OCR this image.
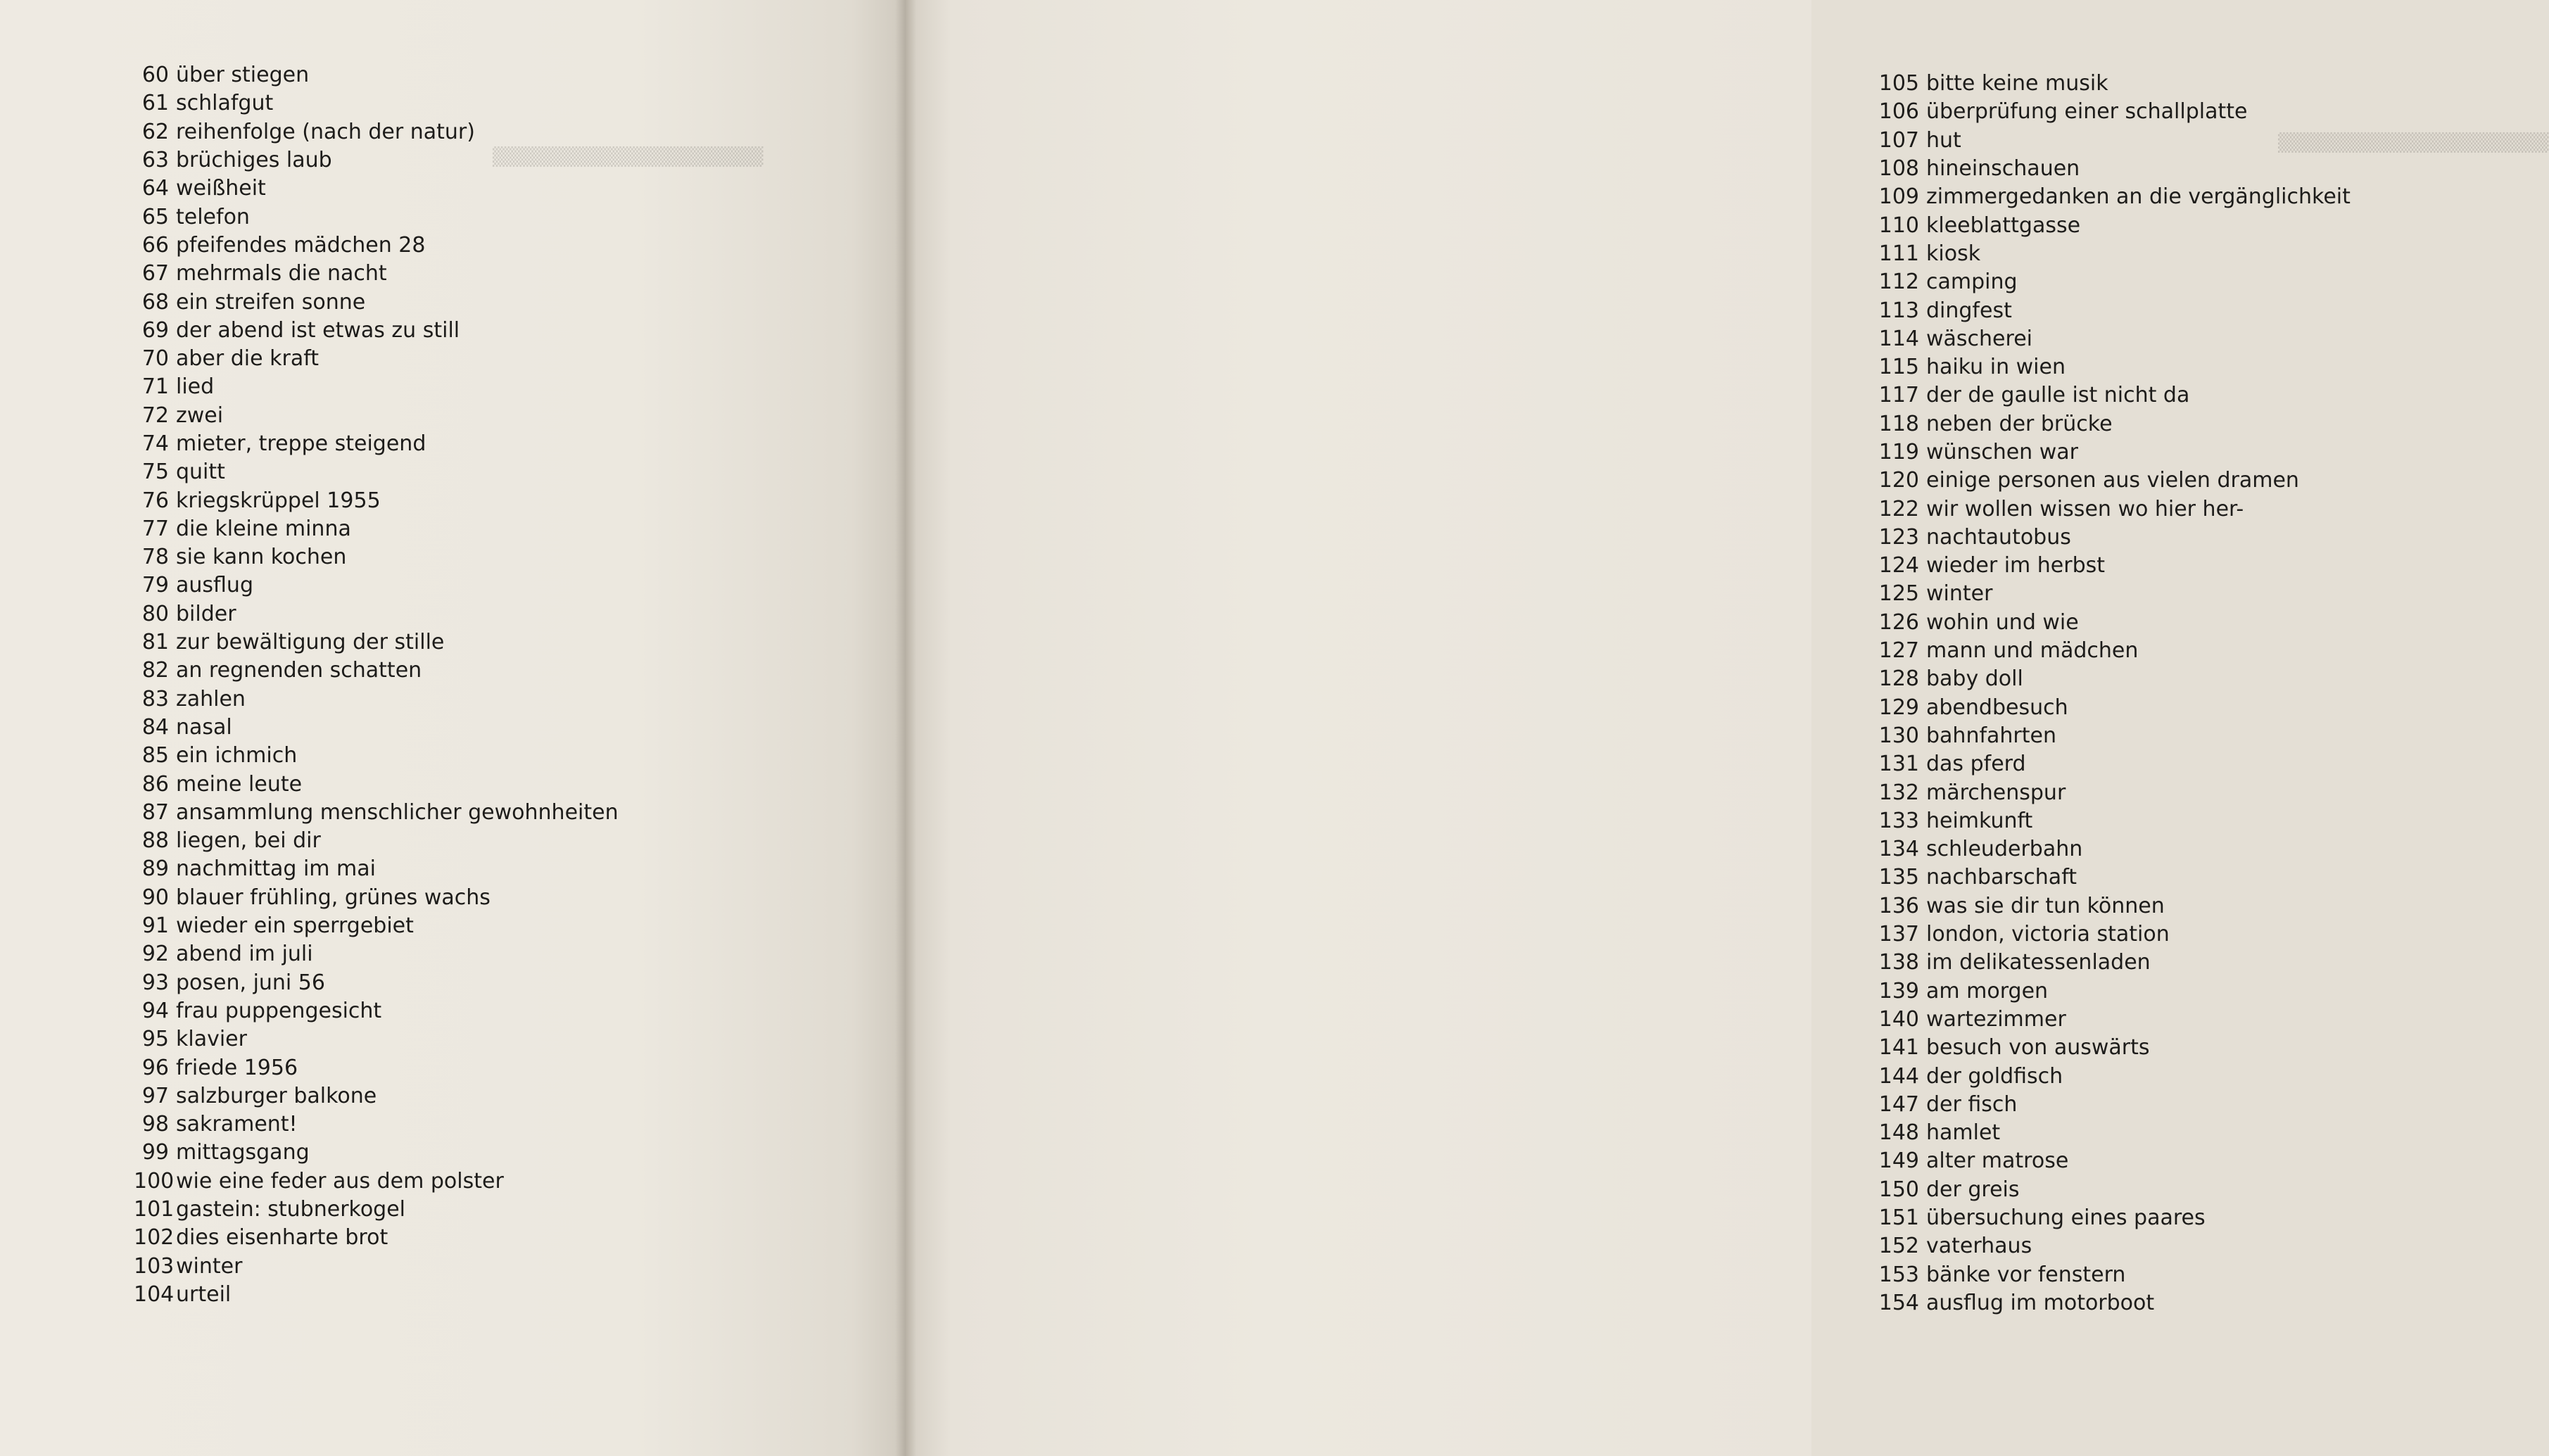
▒▒▒▒▒▒▒▒▒▒▒▒▒▒▒▒▒▒▒▒
60 über stiegen
61 schlafgut
62 reihenfolge (nach der natur)
63 brüchiges laub
64 weißheit
65 telefon
66 pfeifendes mädchen 28
67 mehrmals die nacht
68 ein streifen sonne
69 der abend ist etwas zu still
70 aber die kraft
71 lied
72 zwei
74 mieter, treppe steigend
75 quitt
76 kriegskrüppel 1955
77 die kleine minna
78 sie kann kochen
79 ausflug
80 bilder
81 zur bewältigung der stille
82 an regnenden schatten
83 zahlen
84 nasal
85 ein ichmich
86 meine leute
87 ansammlung menschlicher gewohnheiten
88 liegen, bei dir
89 nachmittag im mai
90 blauer frühling, grünes wachs
91 wieder ein sperrgebiet
92 abend im juli
93 posen, juni 56
94 frau puppengesicht
95 klavier
96 friede 1956
97 salzburger balkone
98 sakrament!
99 mittagsgang
100 wie eine feder aus dem polster
101 gastein: stubnerkogel
102 dies eisenharte brot
103 winter
104 urteil
▒▒▒▒▒▒▒▒▒▒▒▒▒▒▒▒▒▒▒▒
105 bitte keine musik
106 überprüfung einer schallplatte
107 hut
108 hineinschauen
109 zimmergedanken an die vergänglichkeit
110 kleeblattgasse
111 kiosk
112 camping
113 dingfest
114 wäscherei
115 haiku in wien
117 der de gaulle ist nicht da
118 neben der brücke
119 wünschen war
120 einige personen aus vielen dramen
122 wir wollen wissen wo hier her-
123 nachtautobus
124 wieder im herbst
125 winter
126 wohin und wie
127 mann und mädchen
128 baby doll
129 abendbesuch
130 bahnfahrten
131 das pferd
132 märchenspur
133 heimkunft
134 schleuderbahn
135 nachbarschaft
136 was sie dir tun können
137 london, victoria station
138 im delikatessenladen
139 am morgen
140 wartezimmer
141 besuch von auswärts
144 der goldfisch
147 der fisch
148 hamlet
149 alter matrose
150 der greis
151 übersuchung eines paares
152 vaterhaus
153 bänke vor fenstern
154 ausflug im motorboot
